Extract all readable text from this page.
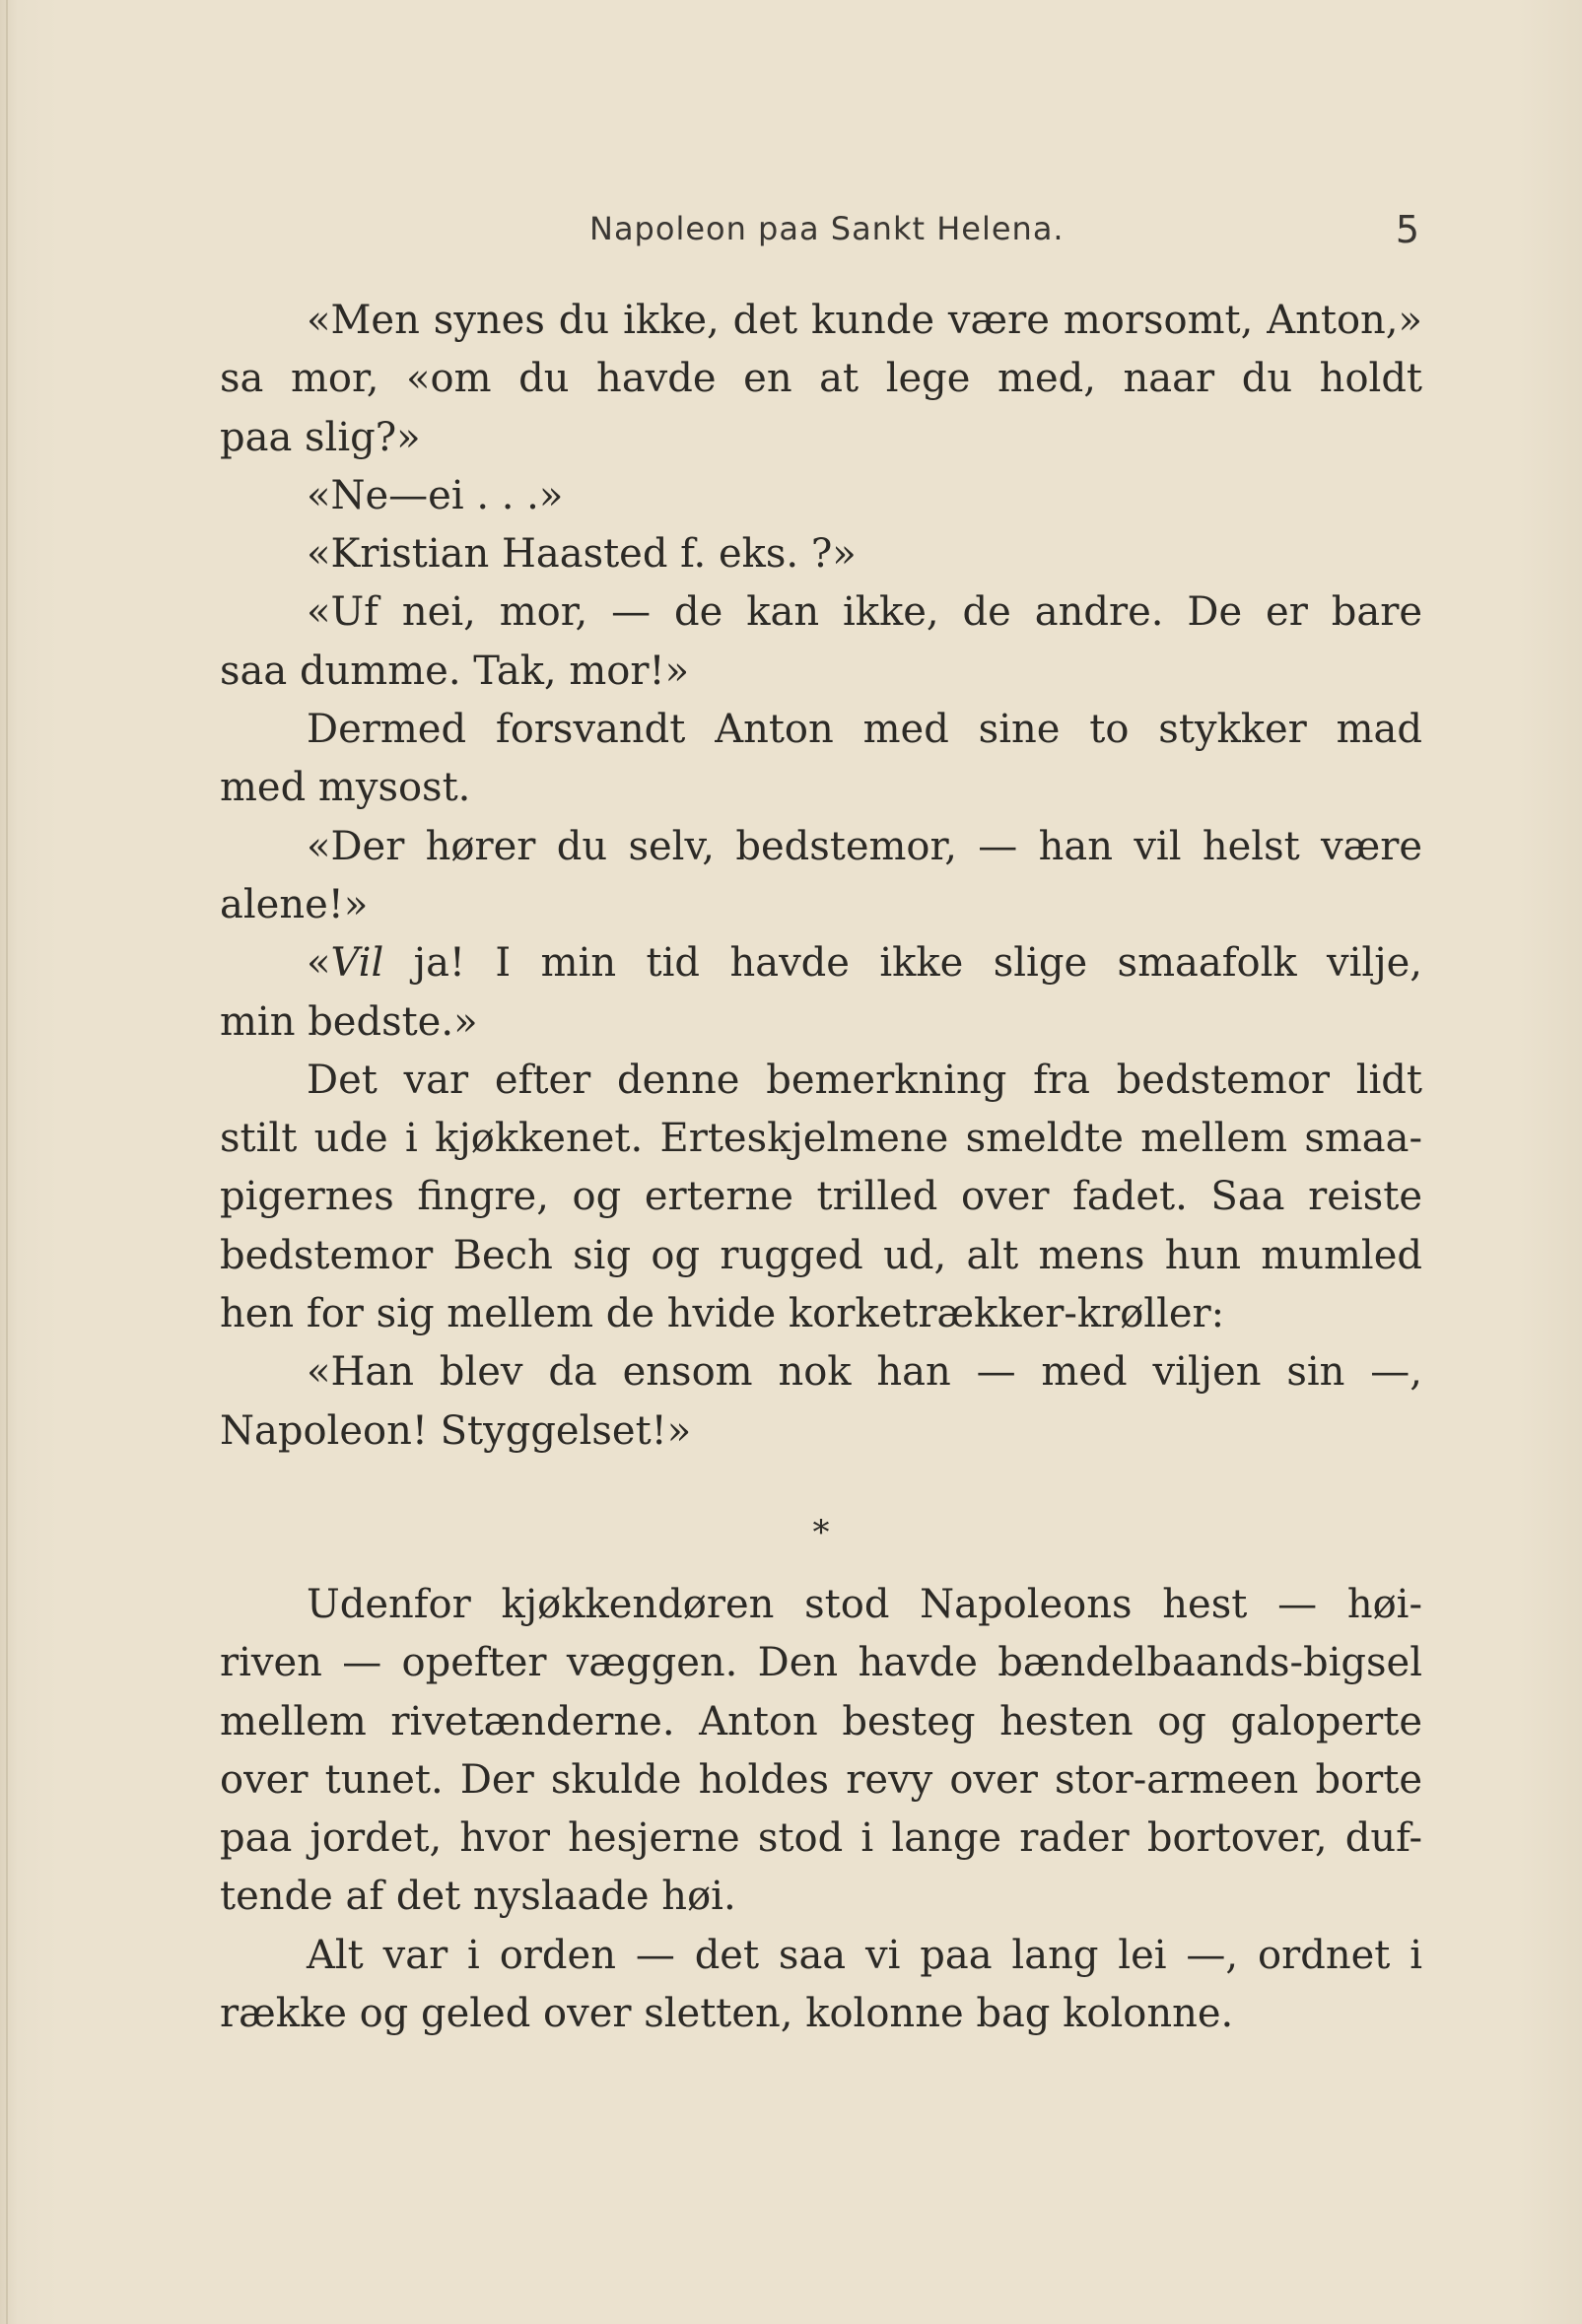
Napoleon paa Sankt Helena.	5
«Men synes du ikke, det kunde være morsomt, Anton,»
sa mor, «om du havde en at lege med, naar du holdt
paa slig?»
«Ne—ei . . .»
«Kristian Haasted f. eks. ?»
«Uf nei, mor, — de kan ikke, de andre. De er bare
saa dumme. Tak, mor!»
Dermed forsvandt Anton med sine to stykker mad
med mysost.
«Der hører du selv, bedstemor, — han vil helst være
alene!»
«Vil ja! I min tid havde ikke slige smaafolk vilje,
min bedste.»
Det var efter denne bemerkning fra bedstemor lidt
stilt ude i kjøkkenet. Erteskjelmene smeldte mellem smaa-
pigernes fingre, og erterne trilled over fadet. Saa reiste
bedstemor Bech sig og rugged ud, alt mens hun mumled
hen for sig mellem de hvide korketrækker-krøller:
«Han blev da ensom nok han — med viljen sin —,
Napoleon! Styggelset!»
*
Udenfor kjøkkendøren stod Napoleons hest — høi-
riven — opefter væggen. Den havde bændelbaands-bigsel
mellem rivetænderne. Anton besteg hesten og galoperte
over tunet. Der skulde holdes revy over stor-armeen borte
paa jordet, hvor hesjerne stod i lange rader bortover, duf-
tende af det nyslaade høi.
Alt var i orden — det saa vi paa lang lei —, ordnet i
række og geled over sletten, kolonne bag kolonne.
